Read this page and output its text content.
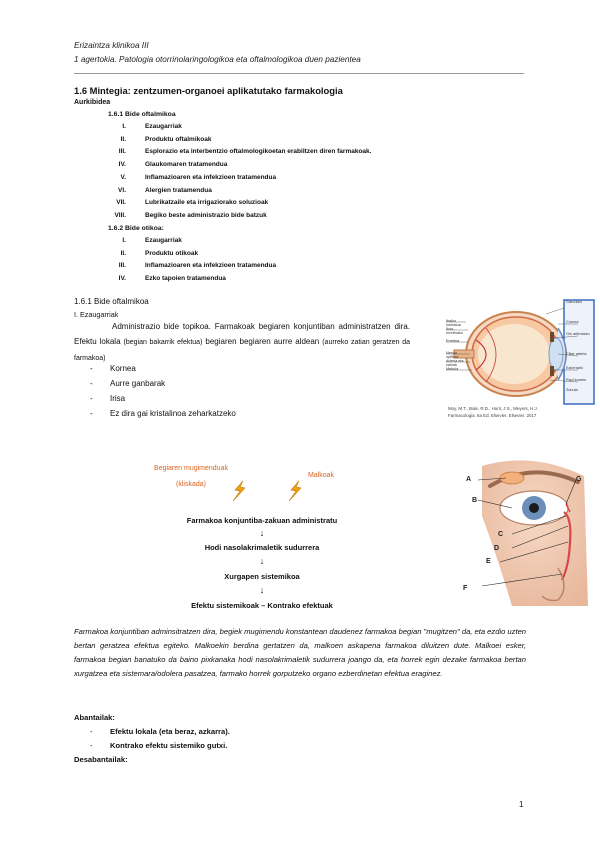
Erizaintza klinikoa III
1 agertokia. Patologia otorrinolaringologikoa eta oftalmologikoa duen pazientea
1.6 Mintegia: zentzumen-organoei aplikatutako farmakologia
Aurkibidea
1.6.1 Bide oftalmikoa
I.	Ezaugarriak
II.	Produktu oftalmikoak
III.	Esplorazio eta interbentzio oftalmologikoetan erabiltzen diren farmakoak.
IV.	Glaukomaren tratamendua
V.	Inflamazioaren eta infekzioen tratamendua
VI.	Alergien tratamendua
VII.	Lubrikatzaile eta irrigaziorako soluzioak
VIII.	Begiko beste administrazio bide batzuk
1.6.2 Bide otikoa:
I.	Ezaugarriak
II.	Produktu otikoak
III.	Inflamazioaren eta infekzioen tratamendua
IV.	Ezko tapoien tratamendua
1.6.1 Bide oftalmikoa
I. Ezaugarriak
Administrazio bide topikoa. Farmakoak begiaren konjuntiban administratzen dira. Efektu lokala (begian bakarrik efektua) begiaren begiaren aurre aldean (aurreko zatian geratzen da farmakoa)
- Kornea
- Aurre ganbarak
- Irisa
- Ez dira gai kristalinoa zeharkatzeko
Garuntza
Cornea
Oin arteriazko
Ciliar arteria
Ezkerrarik
Papi koaren
Zonula
Ibaiko kurbatua
Ikus-erretinako
Erretina
Nervio optikoa
Arteria eta zainak
Makula
Moy, M.T., Bale, R.D., Hunt, J.S., Meyers, H.J.
Farmacologia. 6a Ed. Elsevier. Elsevier. 2017
Begiaren mugimenduak
(kliskada)
Malkoak
Farmakoa konjuntiba-zakuan administratu
↓
Hodi nasolakrimaletik sudurrera
↓
Xurgapen sistemikoa
↓
Efektu sistemikoak – Kontrako efektuak
A
B
C
D
E
F
G
Farmakoa konjuntiban adminsitratzen dira, begiek mugimendu konstantean daudenez farmakoa begian "mugitzen" da, eta ezdio uzten bertan geratzea efektua egiteko. Malkoekin berdina gertatzen da, malkoen askapena farmakoa diluitzen dute. Malkoei esker, farmakoa begian banatuko da baino pixkanaka hodi nasolakrimaletik sudurrera joango da, eta horrek egin dezake farmakoa bertan xurgatzea eta sistemara/odolera pasatzea, farmako horrek gorputzeko organo ezberdinetan efektua eraginez.
Abantailak:
- Efektu lokala (eta beraz, azkarra).
- Kontrako efektu sistemiko gutxi.
Desabantailak:
1
